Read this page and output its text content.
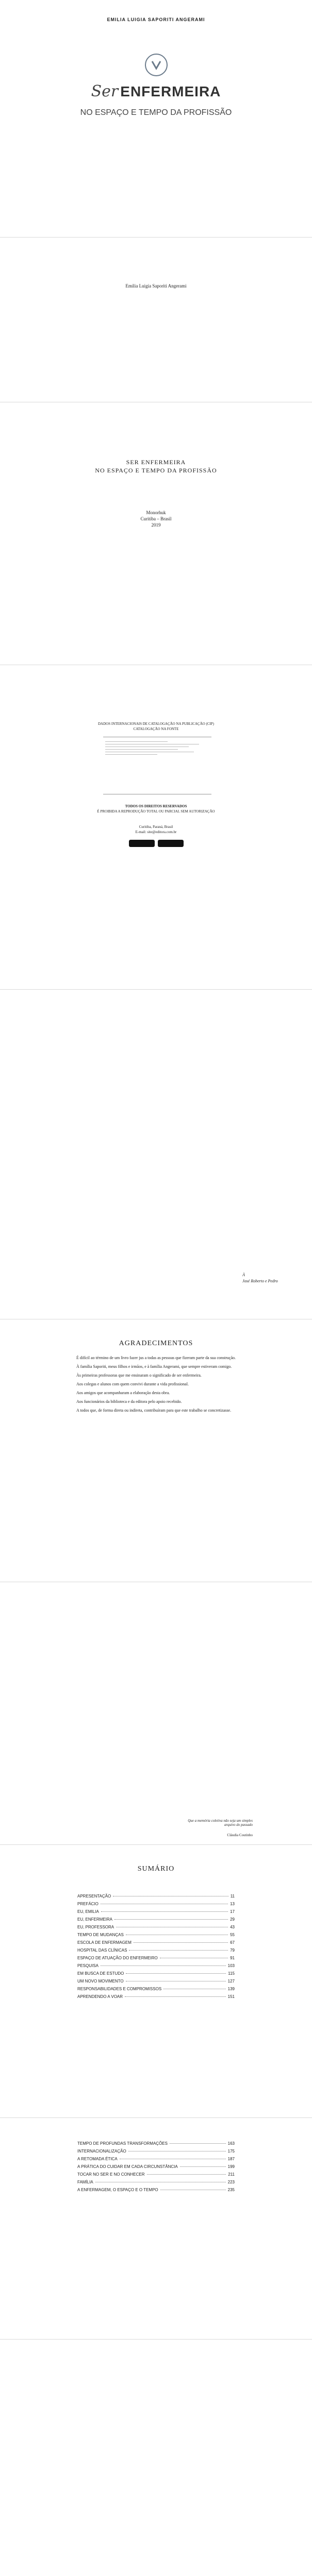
EMILIA LUIGIA SAPORITI ANGERAMI
Ser ENFERMEIRA
NO ESPAÇO E TEMPO DA PROFISSÃO
Emilia Luigia Saporiti Angerami
SER ENFERMEIRA
NO ESPAÇO E TEMPO DA PROFISSÃO
Monorhuk
Curitiba – Brasil
2019
DADOS INTERNACIONAIS DE CATALOGAÇÃO NA PUBLICAÇÃO (CIP)
CATALOGAÇÃO NA FONTE
TODOS OS DIREITOS RESERVADOS
É PROIBIDA A REPRODUÇÃO TOTAL OU PARCIAL SEM AUTORIZAÇÃO
Curitiba, Paraná, Brasil
E-mail: site@editora.com.br
À
José Roberto e Pedro
AGRADECIMENTOS

É difícil ao término de um livro fazer jus a todas as pessoas que fizeram parte da sua construção.

À família Saporiti, meus filhos e irmãos, e à família Angerami, que sempre estiveram comigo.

Às primeiras professoras que me ensinaram o significado de ser enfermeira.

Aos colegas e alunos com quem convivi durante a vida profissional.

Aos amigos que acompanharam a elaboração desta obra.

Aos funcionários da biblioteca e da editora pelo apoio recebido.

A todos que, de forma direta ou indireta, contribuíram para que este trabalho se concretizasse.

Que a memória coletiva não seja um simples arquivo do passado
Cláudia Coutinho
SUMÁRIO
APRESENTAÇÃO	11
PREFÁCIO	13
EU, EMILIA	17
EU, ENFERMEIRA	29
EU, PROFESSORA	43
TEMPO DE MUDANÇAS	55
ESCOLA DE ENFERMAGEM	67
HOSPITAL DAS CLÍNICAS	79
ESPAÇO DE ATUAÇÃO DO ENFERMEIRO	91
PESQUISA	103
EM BUSCA DE ESTUDO	115
UM NOVO MOVIMENTO	127
RESPONSABILIDADES E COMPROMISSOS	139
APRENDENDO A VOAR	151
TEMPO DE PROFUNDAS TRANSFORMAÇÕES	163
INTERNACIONALIZAÇÃO	175
A RETOMADA ÉTICA	187
A PRÁTICA DO CUIDAR EM CADA CIRCUNSTÂNCIA	199
TOCAR NO SER E NO CONHECER	211
FAMÍLIA	223
A ENFERMAGEM, O ESPAÇO E O TEMPO	235
